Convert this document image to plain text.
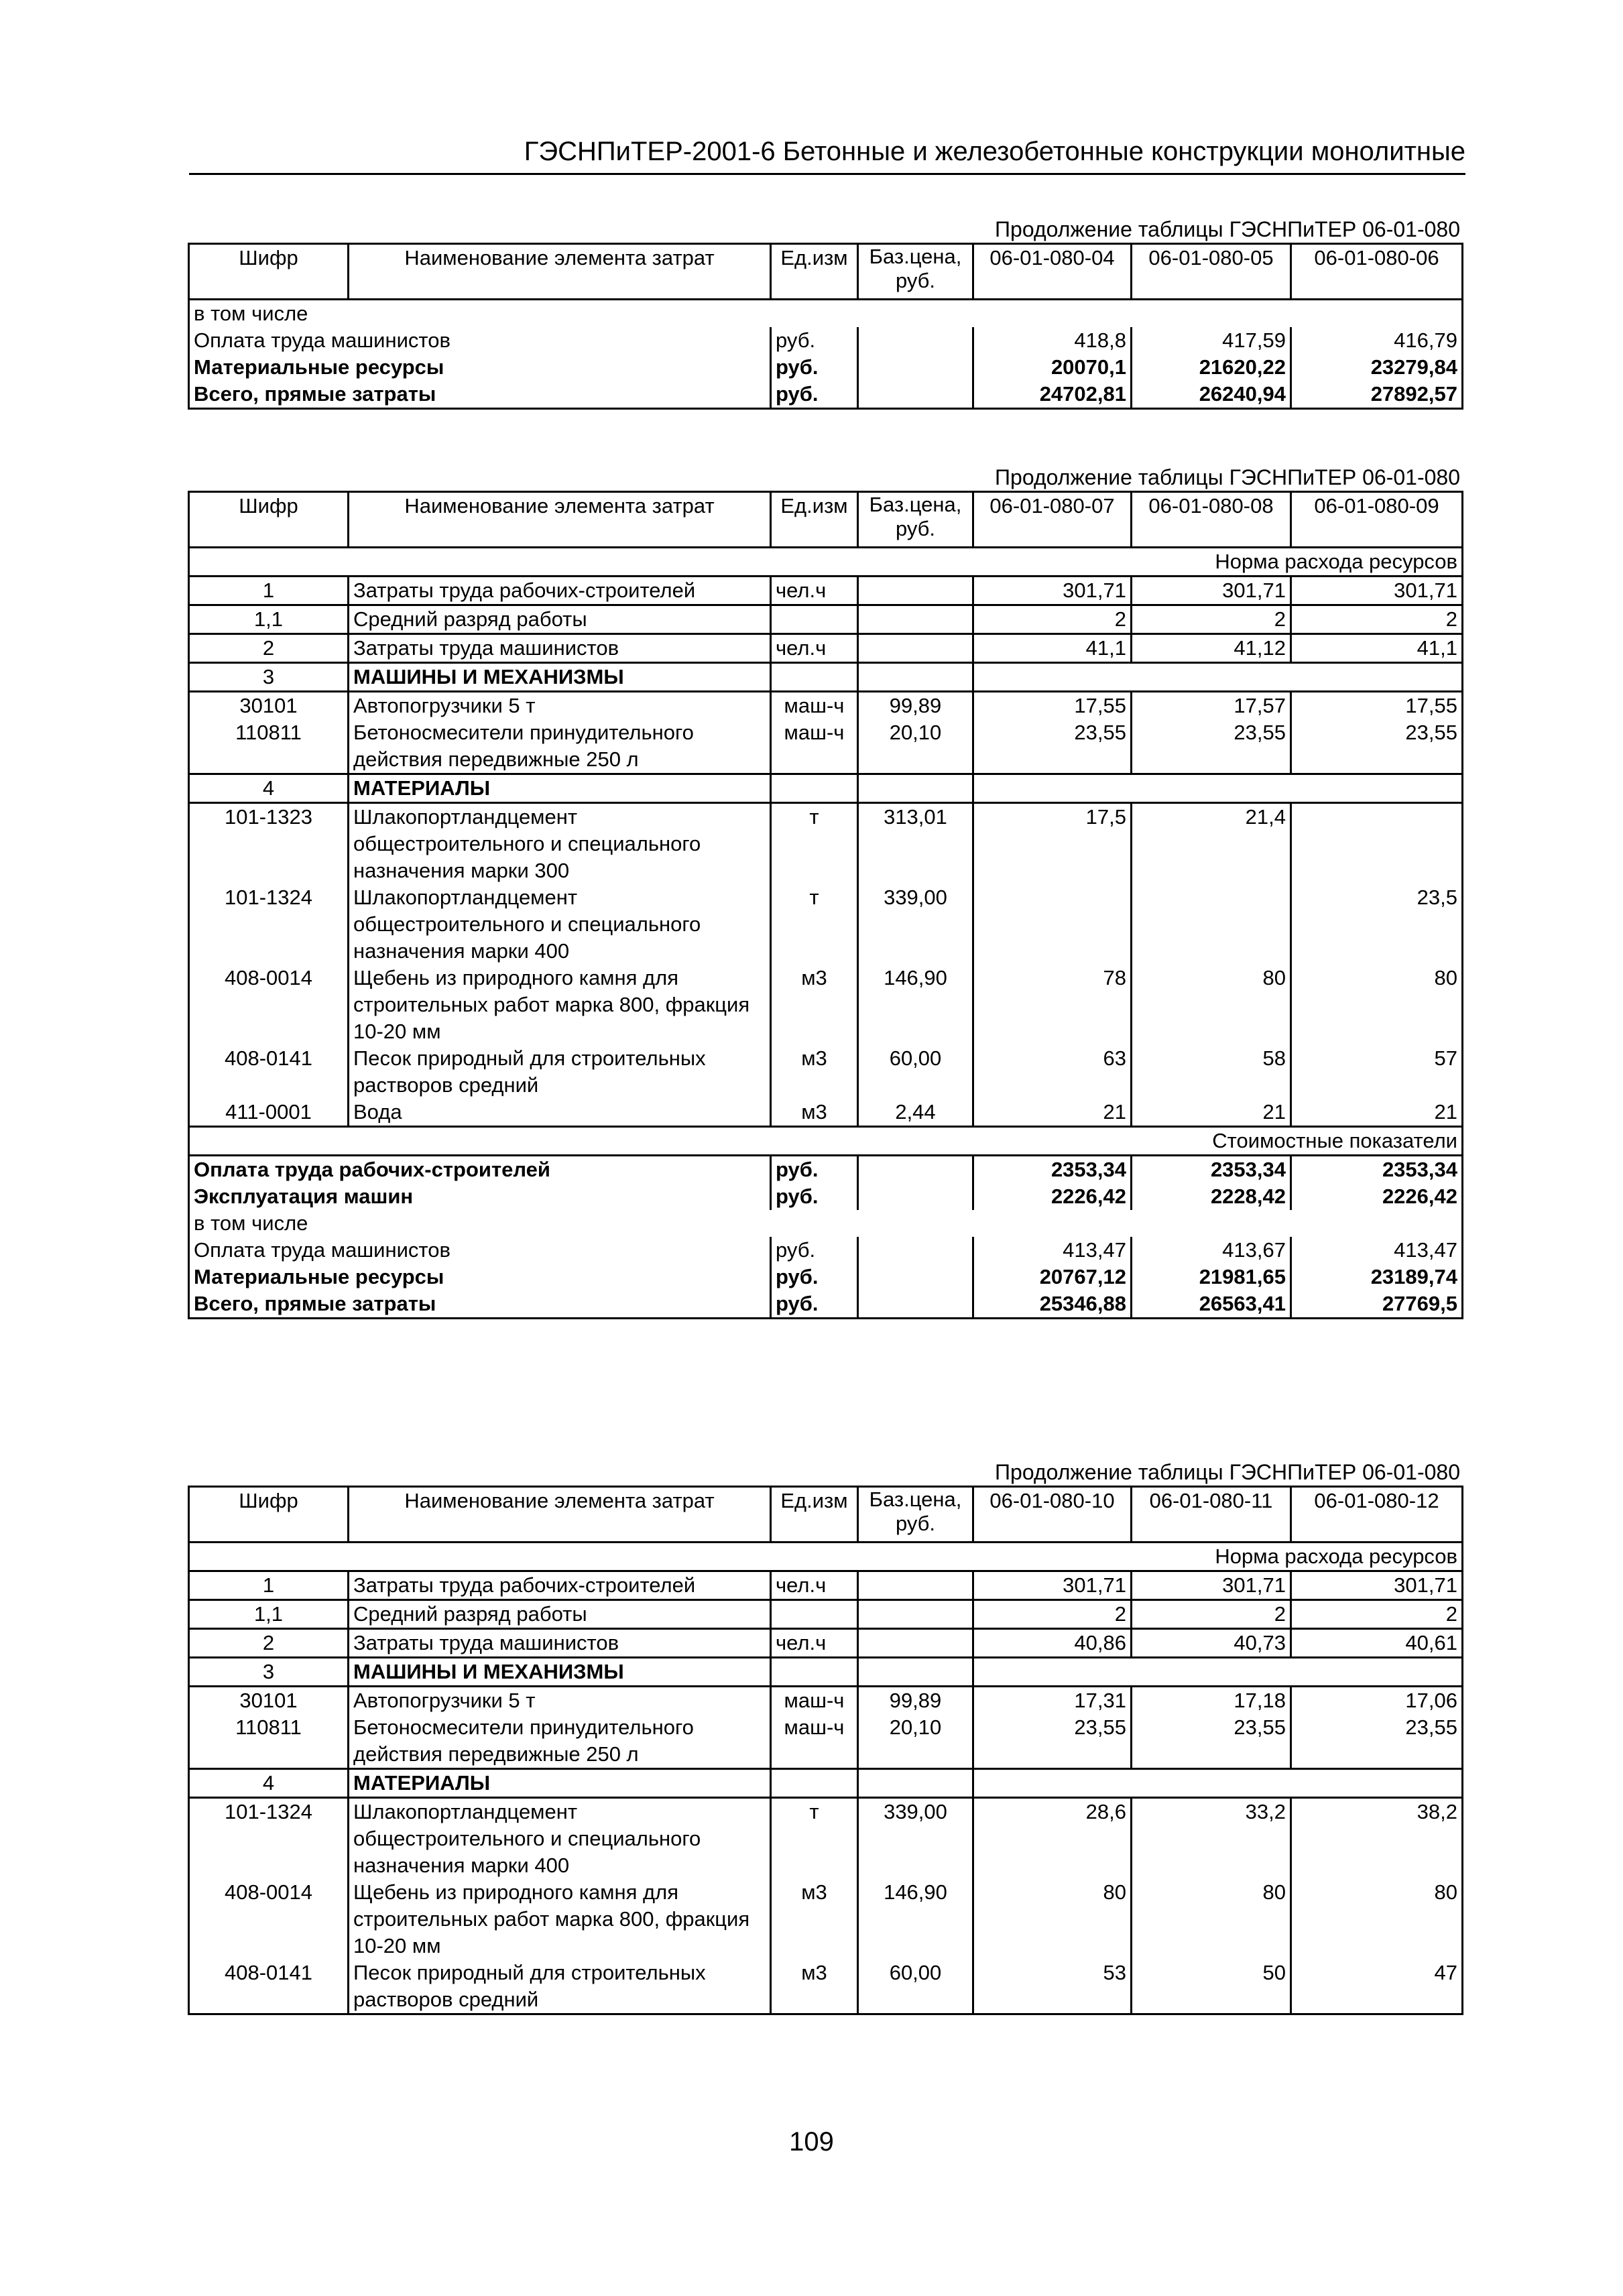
ГЭСНПиТЕР-2001-6 Бетонные и железобетонные конструкции монолитные
Продолжение таблицы ГЭСНПиТЕР 06-01-080
Шифр	Наименование элемента затрат	Ед.изм	Баз.цена, руб.	06-01-080-04	06-01-080-05	06-01-080-06
в том числе						
Оплата труда машинистов		руб.		418,8	417,59	416,79
Материальные ресурсы		руб.		20070,1	21620,22	23279,84
Всего, прямые затраты		руб.		24702,81	26240,94	27892,57
Продолжение таблицы ГЭСНПиТЕР 06-01-080
Шифр	Наименование элемента затрат	Ед.изм	Баз.цена, руб.	06-01-080-07	06-01-080-08	06-01-080-09
Норма расхода ресурсов						
1	Затраты труда рабочих-строителей	чел.ч		301,71	301,71	301,71
1,1	Средний разряд работы			2	2	2
2	Затраты труда машинистов	чел.ч		41,1	41,12	41,1
3	МАШИНЫ И МЕХАНИЗМЫ					
30101	Автопогрузчики 5 т	маш-ч	99,89	17,55	17,57	17,55
110811	Бетоносмесители принудительного действия передвижные 250 л	маш-ч	20,10	23,55	23,55	23,55
4	МАТЕРИАЛЫ					
101-1323	Шлакопортландцемент общестроительного и специального назначения марки 300	т	313,01	17,5	21,4	
101-1324	Шлакопортландцемент общестроительного и специального назначения марки 400	т	339,00			23,5
408-0014	Щебень из природного камня для строительных работ марка 800, фракция 10-20 мм	м3	146,90	78	80	80
408-0141	Песок природный для строительных растворов средний	м3	60,00	63	58	57
411-0001	Вода	м3	2,44	21	21	21
Стоимостные показатели						
Оплата труда рабочих-строителей		руб.		2353,34	2353,34	2353,34
Эксплуатация машин		руб.		2226,42	2228,42	2226,42
в том числе						
Оплата труда машинистов		руб.		413,47	413,67	413,47
Материальные ресурсы		руб.		20767,12	21981,65	23189,74
Всего, прямые затраты		руб.		25346,88	26563,41	27769,5
Продолжение таблицы ГЭСНПиТЕР 06-01-080
Шифр	Наименование элемента затрат	Ед.изм	Баз.цена, руб.	06-01-080-10	06-01-080-11	06-01-080-12
Норма расхода ресурсов						
1	Затраты труда рабочих-строителей	чел.ч		301,71	301,71	301,71
1,1	Средний разряд работы			2	2	2
2	Затраты труда машинистов	чел.ч		40,86	40,73	40,61
3	МАШИНЫ И МЕХАНИЗМЫ					
30101	Автопогрузчики 5 т	маш-ч	99,89	17,31	17,18	17,06
110811	Бетоносмесители принудительного действия передвижные 250 л	маш-ч	20,10	23,55	23,55	23,55
4	МАТЕРИАЛЫ					
101-1324	Шлакопортландцемент общестроительного и специального назначения марки 400	т	339,00	28,6	33,2	38,2
408-0014	Щебень из природного камня для строительных работ марка 800, фракция 10-20 мм	м3	146,90	80	80	80
408-0141	Песок природный для строительных растворов средний	м3	60,00	53	50	47
109
